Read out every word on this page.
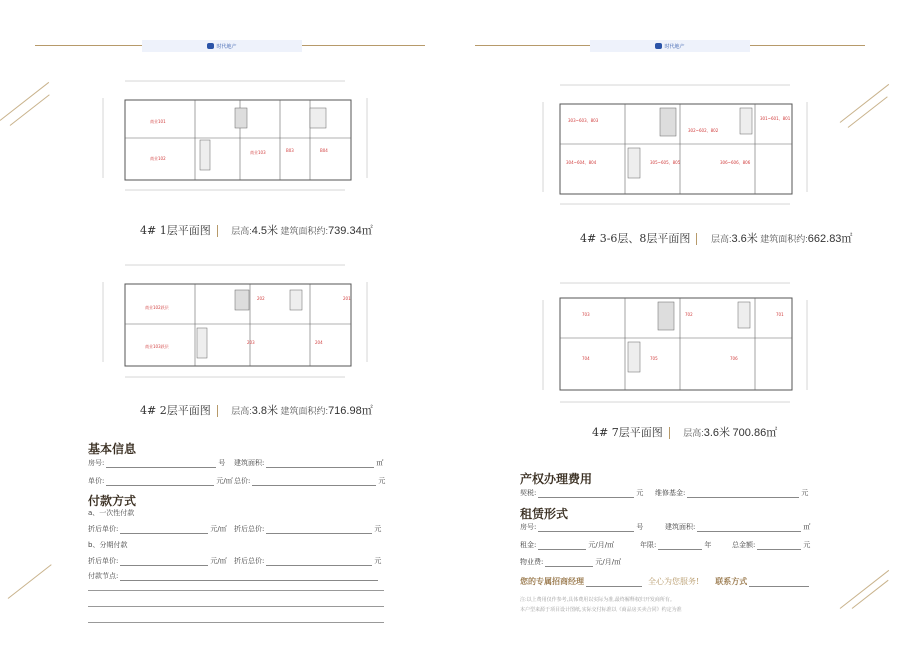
时代地产	时代地产
商业101
商业102
商业103	B03	B04
4# 1层平面图 层高:4.5米 建筑面积约:739.34㎡
商业102跃层
商业103跃层
202	201
203	204
4# 2层平面图 层高:3.8米 建筑面积约:716.98㎡
303~603、803
302~602、802
301~601、801
304~604、804	305~605、805	306~606、806
4# 3-6层、8层平面图 层高:3.6米 建筑面积约:662.83㎡
703	702	701
704	705	706
4# 7层平面图 层高:3.6米 700.86㎡
基本信息
房号:	号 建筑面积:	㎡
单价:	元/㎡ 总价:	元
付款方式
a、一次性付款
折后单价:	元/㎡ 折后总价:	元
b、分期付款
折后单价:	元/㎡ 折后总价:	元
付款节点:
产权办理费用
契税:	元 维修基金:	元
租赁形式
房号:	号	建筑面积:	㎡
租金:	元/月/㎡	年限:	年	总金额:	元
物业费:	元/月/㎡
您的专属招商经理	全心为您服务! 联系方式
注:以上费用仅作参考,具体费用以实际为准,最终解释权归开发商所有。
本户型来源于项目设计图纸,实际交付标准以《商品房买卖合同》约定为准
